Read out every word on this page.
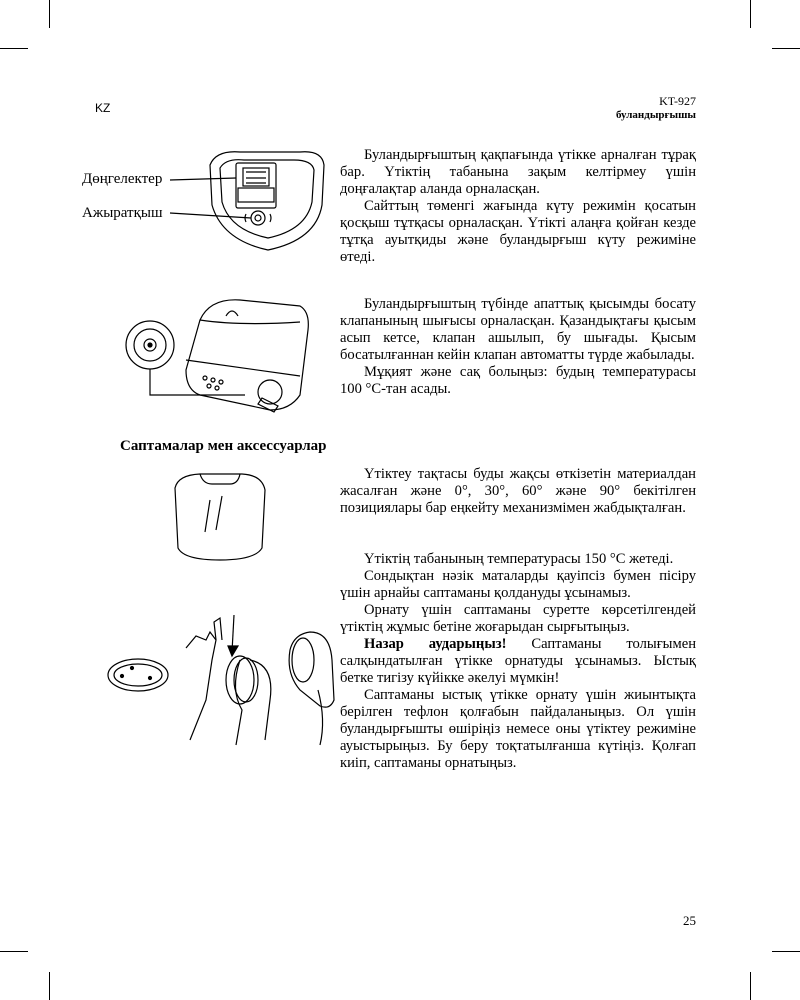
KZ	KT-927
буландырғышы
Дөңгелектер
Ажыратқыш

Буландырғыштың қақпағында үтікке арналған тұрақ бар. Үтіктің табанына зақым келтірмеу үшін доңғалақтар аланда орналасқан.

Сайттың төменгі жағында күту режимін қосатын қосқыш тұтқасы орналасқан. Үтікті алаңға қойған кезде тұтқа ауытқиды және буландырғыш күту режиміне өтеді.

Буландырғыштың түбінде апаттық қысымды босату клапанының шығысы орналасқан. Қазандықтағы қысым асып кетсе, клапан ашылып, бу шығады. Қысым босатылғаннан кейін клапан автоматты түрде жабылады.

Мұқият және сақ болыңыз: будың температурасы 100 °С-тан асады.

Саптамалар мен аксессуарлар

Үтіктеу тақтасы буды жақсы өткізетін материалдан жасалған және 0°, 30°, 60° және 90° бекітілген позициялары бар еңкейту механизмімен жабдықталған.

Үтіктің табанының температурасы 150 °С жетеді.

Сондықтан нәзік маталарды қауіпсіз бумен пісіру үшін арнайы саптаманы қолдануды ұсынамыз.

Орнату үшін саптаманы суретте көрсетілгендей үтіктің жұмыс бетіне жоғарыдан сырғытыңыз.

Назар аударыңыз! Саптаманы толығымен салқындатылған үтікке орнатуды ұсынамыз. Ыстық бетке тигізу күйікке әкелуі мүмкін!

Саптаманы ыстық үтікке орнату үшін жиынтықта берілген тефлон қолғабын пайдаланыңыз. Ол үшін буландырғышты өшіріңіз немесе оны үтіктеу режиміне ауыстырыңыз. Бу беру тоқтатылғанша күтіңіз. Қолғап киіп, саптаманы орнатыңыз.

25
